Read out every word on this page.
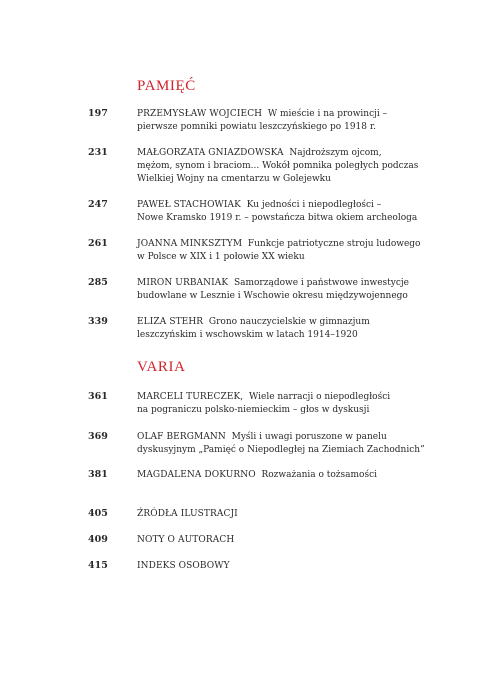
PAMIĘĆ
197	PRZEMYSŁAW WOJCIECH W mieście i na prowincji –
pierwsze pomniki powiatu leszczyńskiego po 1918 r.
231	MAŁGORZATA GNIAZDOWSKA Najdroższym ojcom,
mężom, synom i braciom... Wokół pomnika poległych podczas
Wielkiej Wojny na cmentarzu w Golejewku
247	PAWEŁ STACHOWIAK Ku jedności i niepodległości –
Nowe Kramsko 1919 r. – powstańcza bitwa okiem archeologa
261	JOANNA MINKSZTYM Funkcje patriotyczne stroju ludowego
w Polsce w XIX i 1 połowie XX wieku
285	MIRON URBANIAK Samorządowe i państwowe inwestycje
budowlane w Lesznie i Wschowie okresu międzywojennego
339	ELIZA STEHR Grono nauczycielskie w gimnazjum
leszczyńskim i wschowskim w latach 1914–1920
VARIA
361	MARCELI TURECZEK, Wiele narracji o niepodległości
na pograniczu polsko-niemieckim – głos w dyskusji
369	OLAF BERGMANN Myśli i uwagi poruszone w panelu
dyskusyjnym „Pamięć o Niepodległej na Ziemiach Zachodnich”
381	MAGDALENA DOKURNO Rozważania o tożsamości
405	ŹRÓDŁA ILUSTRACJI
409	NOTY O AUTORACH
415	INDEKS OSOBOWY
